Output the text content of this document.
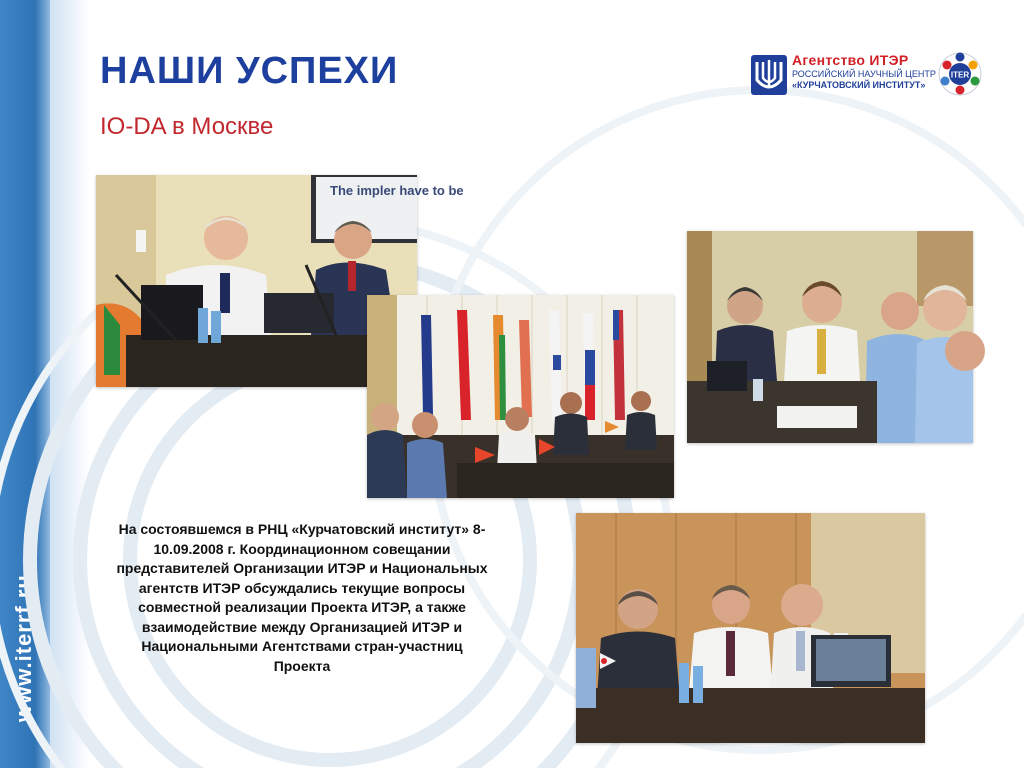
www.iterrf.ru
НАШИ УСПЕХИ
IO-DA в Москве
Агентство ИТЭР
РОССИЙСКИЙ НАУЧНЫЙ ЦЕНТР
«КУРЧАТОВСКИЙ ИНСТИТУТ»
ITER
The impler have to be
На состоявшемся в РНЦ «Курчатовский институт» 8-10.09.2008 г. Координационном совещании представителей Организации ИТЭР и Национальных агентств ИТЭР обсуждались текущие вопросы совместной реализации Проекта ИТЭР, а также взаимодействие между Организацией ИТЭР и Национальными Агентствами стран-участниц Проекта
